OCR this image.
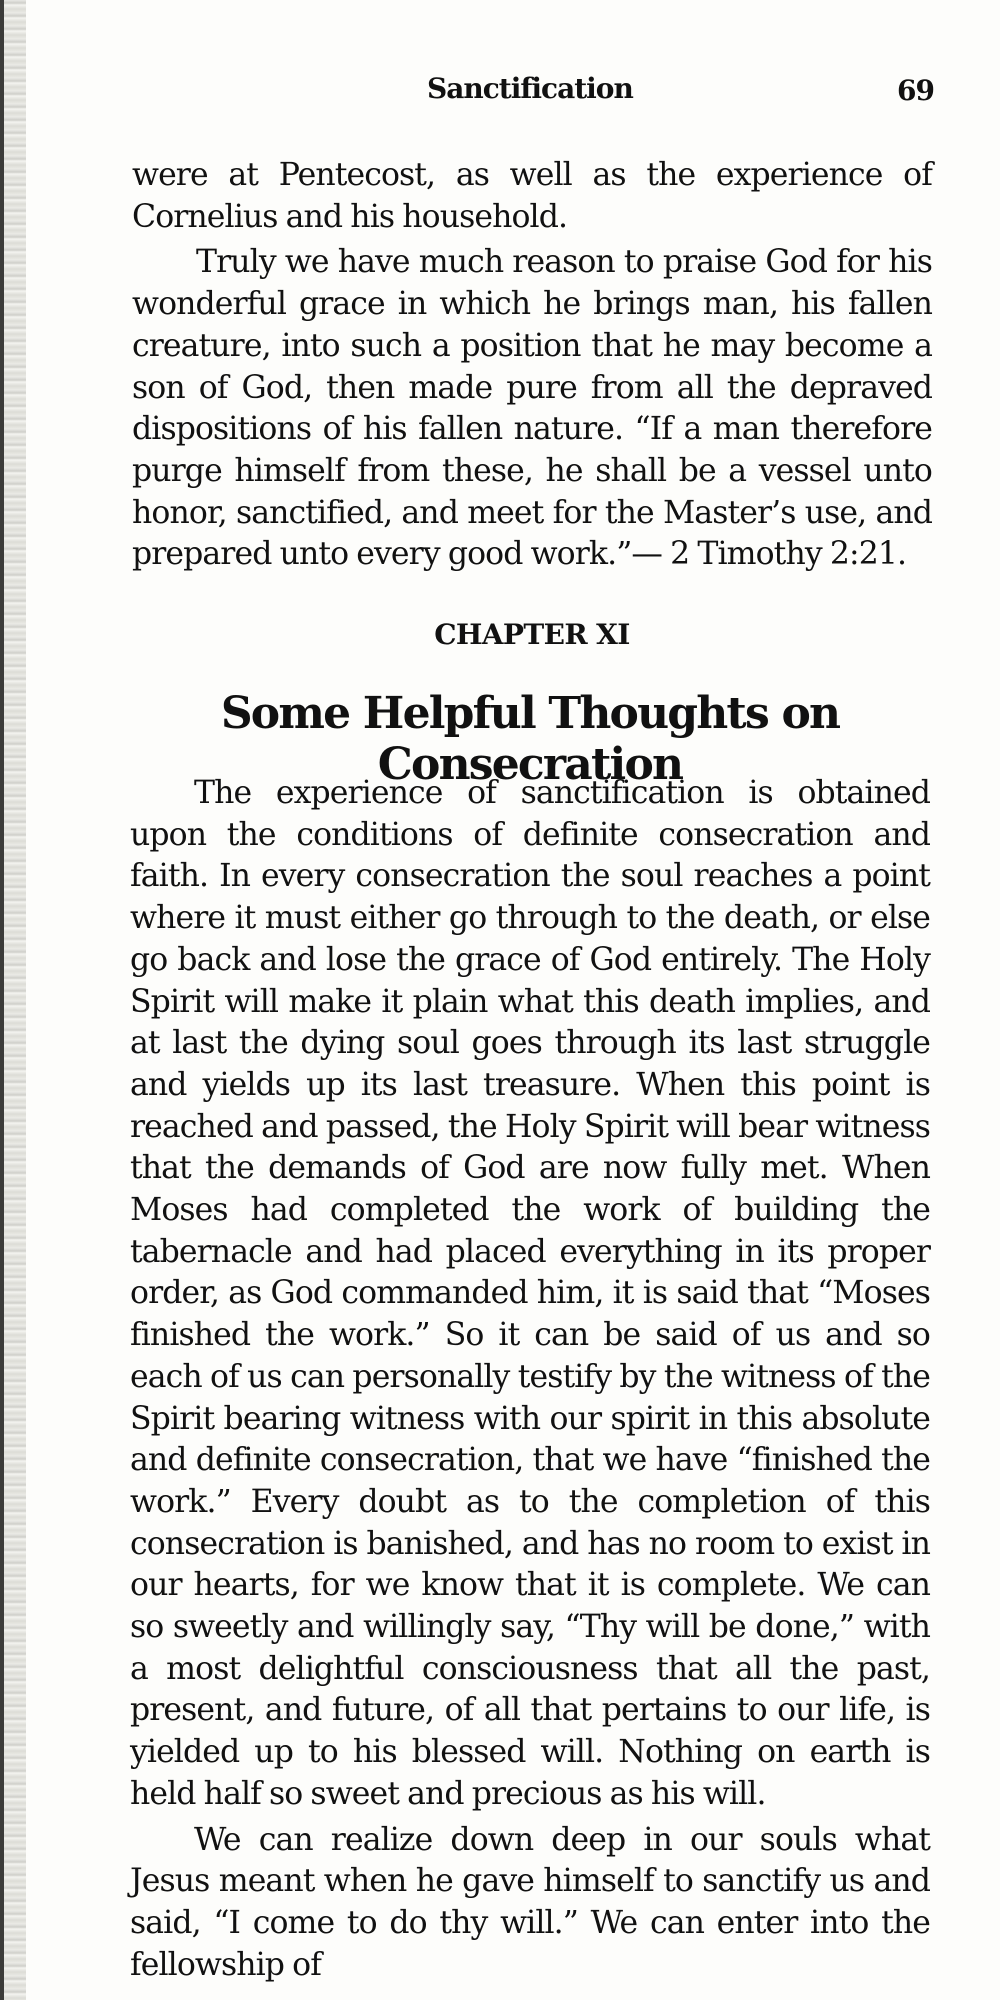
Sanctification	69

were at Pentecost, as well as the experience of Cornelius and his household.

Truly we have much reason to praise God for his wonderful grace in which he brings man, his fallen creature, into such a position that he may become a son of God, then made pure from all the depraved dispositions of his fallen nature. “If a man therefore purge himself from these, he shall be a vessel unto honor, sanctified, and meet for the Master’s use, and prepared unto every good work.”— 2 Timothy 2:21.

CHAPTER XI
Some Helpful Thoughts on Consecration

The experience of sanctification is obtained upon the conditions of definite consecration and faith. In every consecration the soul reaches a point where it must either go through to the death, or else go back and lose the grace of God entirely. The Holy Spirit will make it plain what this death implies, and at last the dying soul goes through its last struggle and yields up its last treasure. When this point is reached and passed, the Holy Spirit will bear witness that the demands of God are now fully met. When Moses had completed the work of building the tabernacle and had placed everything in its proper order, as God commanded him, it is said that “Moses finished the work.” So it can be said of us and so each of us can personally testify by the witness of the Spirit bearing witness with our spirit in this absolute and definite consecration, that we have “finished the work.” Every doubt as to the completion of this consecration is banished, and has no room to exist in our hearts, for we know that it is complete. We can so sweetly and willingly say, “Thy will be done,” with a most delightful consciousness that all the past, present, and future, of all that pertains to our life, is yielded up to his blessed will. Nothing on earth is held half so sweet and precious as his will.

We can realize down deep in our souls what Jesus meant when he gave himself to sanctify us and said, “I come to do thy will.” We can enter into the fellowship of
